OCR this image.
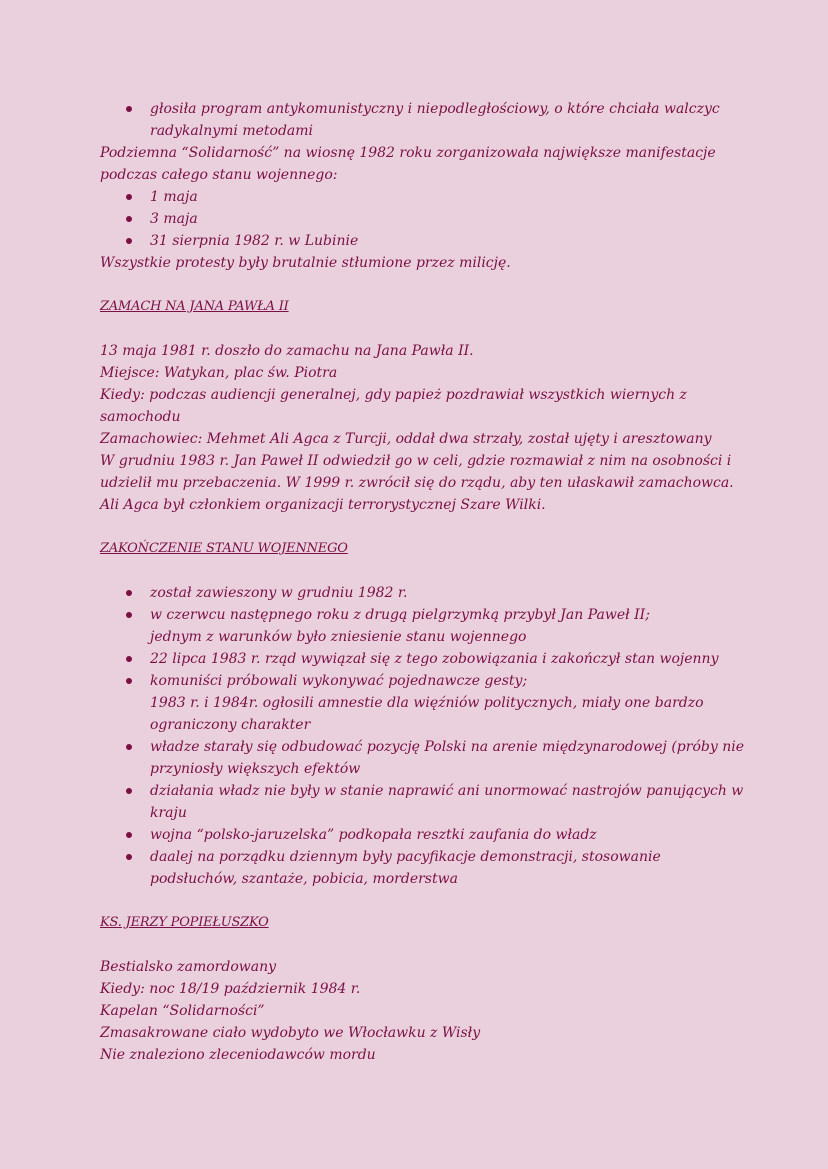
głosiła program antykomunistyczny i niepodległościowy, o które chciała walczyc
radykalnymi metodami
Podziemna “Solidarność” na wiosnę 1982 roku zorganizowała największe manifestacje
podczas całego stanu wojennego:
1 maja
3 maja
31 sierpnia 1982 r. w Lubinie
Wszystkie protesty były brutalnie stłumione przez milicję.
ZAMACH NA JANA PAWŁA II
13 maja 1981 r. doszło do zamachu na Jana Pawła II.
Miejsce: Watykan, plac św. Piotra
Kiedy: podczas audiencji generalnej, gdy papież pozdrawiał wszystkich wiernych z
samochodu
Zamachowiec: Mehmet Ali Agca z Turcji, oddał dwa strzały, został ujęty i aresztowany
W grudniu 1983 r. Jan Paweł II odwiedził go w celi, gdzie rozmawiał z nim na osobności i
udzielił mu przebaczenia. W 1999 r. zwrócił się do rządu, aby ten ułaskawił zamachowca.
Ali Agca był członkiem organizacji terrorystycznej Szare Wilki.
ZAKOŃCZENIE STANU WOJENNEGO
został zawieszony w grudniu 1982 r.
w czerwcu następnego roku z drugą pielgrzymką przybył Jan Paweł II;
jednym z warunków było zniesienie stanu wojennego
22 lipca 1983 r. rząd wywiązał się z tego zobowiązania i zakończył stan wojenny
komuniści próbowali wykonywać pojednawcze gesty;
1983 r. i 1984r. ogłosili amnestie dla więźniów politycznych, miały one bardzo
ograniczony charakter
władze starały się odbudować pozycję Polski na arenie międzynarodowej (próby nie
przyniosły większych efektów
działania władz nie były w stanie naprawić ani unormować nastrojów panujących w
kraju
wojna “polsko-jaruzelska” podkopała resztki zaufania do władz
daalej na porządku dziennym były pacyfikacje demonstracji, stosowanie
podsłuchów, szantaże, pobicia, morderstwa
KS. JERZY POPIEŁUSZKO
Bestialsko zamordowany
Kiedy: noc 18/19 październik 1984 r.
Kapelan “Solidarności”
Zmasakrowane ciało wydobyto we Włocławku z Wisły
Nie znaleziono zleceniodawców mordu
